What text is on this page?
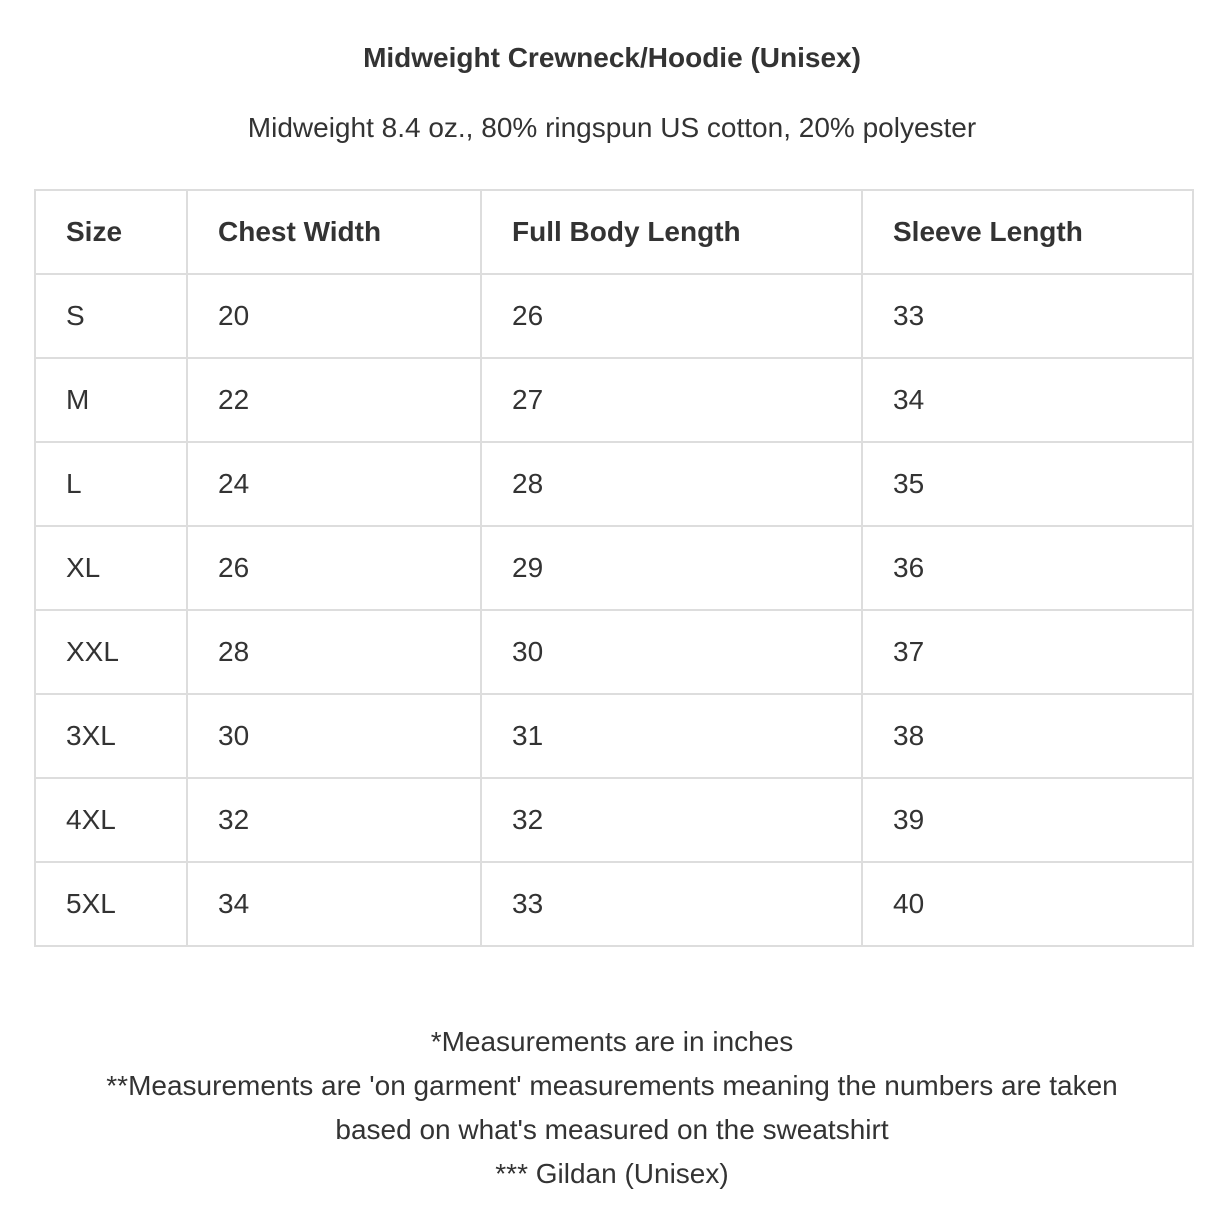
Midweight Crewneck/Hoodie (Unisex)
Midweight 8.4 oz., 80% ringspun US cotton, 20% polyester
Size	Chest Width	Full Body Length	Sleeve Length
S	20	26	33
M	22	27	34
L	24	28	35
XL	26	29	36
XXL	28	30	37
3XL	30	31	38
4XL	32	32	39
5XL	34	33	40
*Measurements are in inches
**Measurements are 'on garment' measurements meaning the numbers are taken
based on what's measured on the sweatshirt
*** Gildan (Unisex)
